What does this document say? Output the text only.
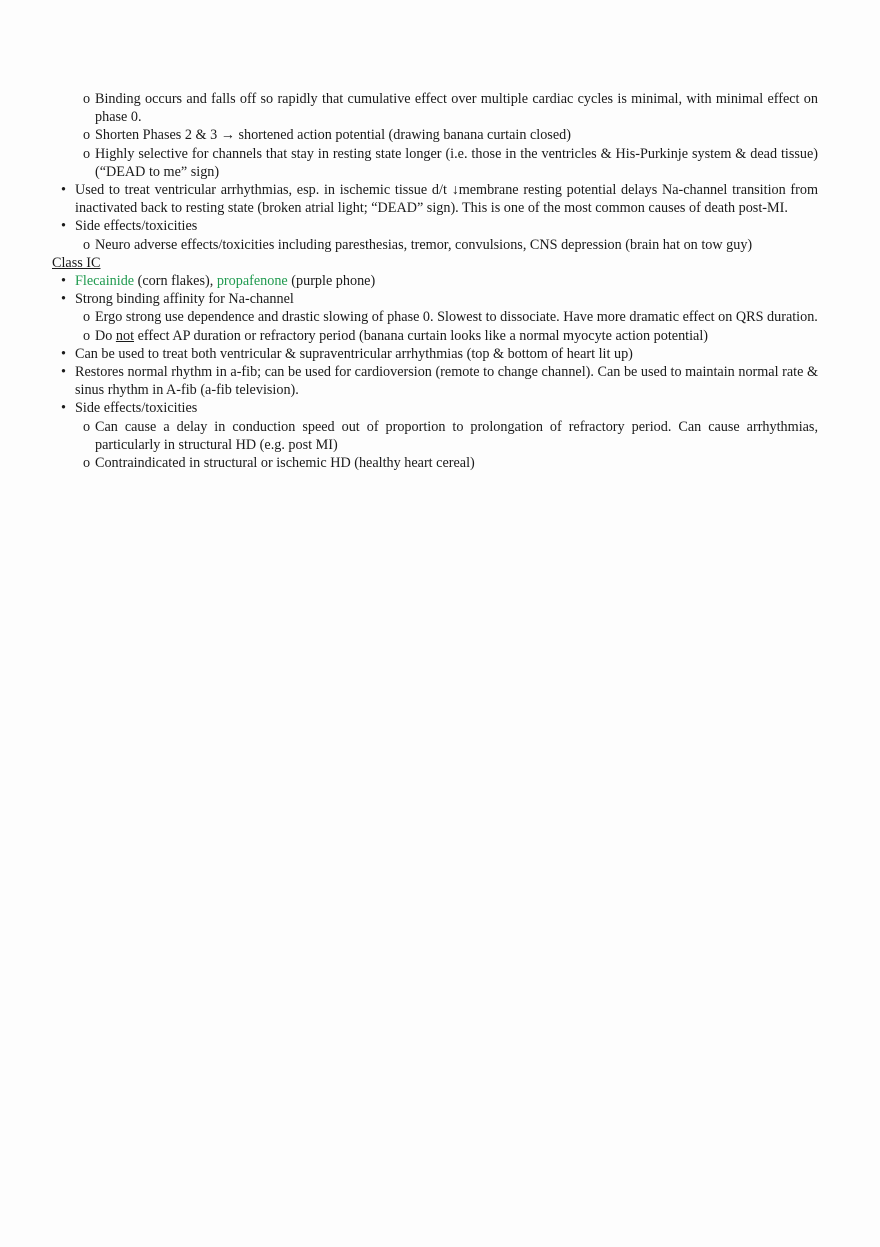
o Binding occurs and falls off so rapidly that cumulative effect over multiple cardiac cycles is minimal, with minimal effect on phase 0.
o Shorten Phases 2 & 3 → shortened action potential (drawing banana curtain closed)
o Highly selective for channels that stay in resting state longer (i.e. those in the ventricles & His-Purkinje system & dead tissue) (“DEAD to me” sign)
• Used to treat ventricular arrhythmias, esp. in ischemic tissue d/t ↓membrane resting potential delays Na-channel transition from inactivated back to resting state (broken atrial light; “DEAD” sign). This is one of the most common causes of death post-MI.
• Side effects/toxicities
o Neuro adverse effects/toxicities including paresthesias, tremor, convulsions, CNS depression (brain hat on tow guy)
Class IC
• Flecainide (corn flakes), propafenone (purple phone)
• Strong binding affinity for Na-channel
o Ergo strong use dependence and drastic slowing of phase 0. Slowest to dissociate. Have more dramatic effect on QRS duration.
o Do not effect AP duration or refractory period (banana curtain looks like a normal myocyte action potential)
• Can be used to treat both ventricular & supraventricular arrhythmias (top & bottom of heart lit up)
• Restores normal rhythm in a-fib; can be used for cardioversion (remote to change channel). Can be used to maintain normal rate & sinus rhythm in A-fib (a-fib television).
• Side effects/toxicities
o Can cause a delay in conduction speed out of proportion to prolongation of refractory period. Can cause arrhythmias, particularly in structural HD (e.g. post MI)
o Contraindicated in structural or ischemic HD (healthy heart cereal)
